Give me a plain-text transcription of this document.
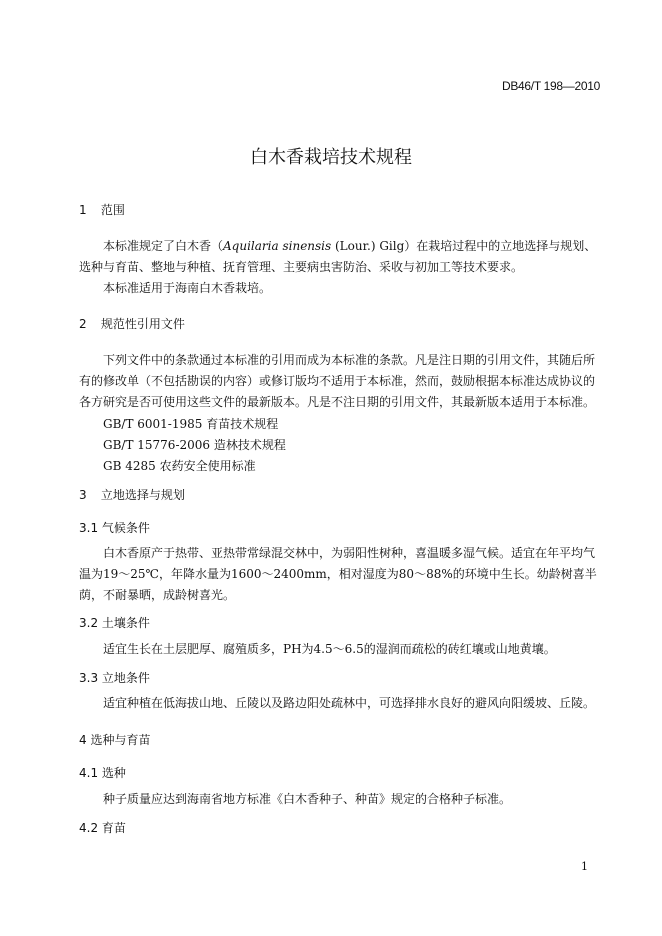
DB46/T 198—2010
白木香栽培技术规程
1 范围
本标准规定了白木香（Aquilaria sinensis (Lour.) Gilg）在栽培过程中的立地选择与规划、选种与育苗、整地与种植、抚育管理、主要病虫害防治、采收与初加工等技术要求。
本标准适用于海南白木香栽培。
2 规范性引用文件
下列文件中的条款通过本标准的引用而成为本标准的条款。凡是注日期的引用文件，其随后所有的修改单（不包括勘误的内容）或修订版均不适用于本标准，然而，鼓励根据本标准达成协议的各方研究是否可使用这些文件的最新版本。凡是不注日期的引用文件，其最新版本适用于本标准。
GB/T 6001-1985 育苗技术规程
GB/T 15776-2006 造林技术规程
GB 4285 农药安全使用标准
3 立地选择与规划
3.1 气候条件
白木香原产于热带、亚热带常绿混交林中，为弱阳性树种，喜温暖多湿气候。适宜在年平均气温为19～25℃，年降水量为1600～2400mm，相对湿度为80～88%的环境中生长。幼龄树喜半荫，不耐暴晒，成龄树喜光。
3.2 土壤条件
适宜生长在土层肥厚、腐殖质多，PH为4.5～6.5的湿润而疏松的砖红壤或山地黄壤。
3.3 立地条件
适宜种植在低海拔山地、丘陵以及路边阳处疏林中，可选择排水良好的避风向阳缓坡、丘陵。
4 选种与育苗
4.1 选种
种子质量应达到海南省地方标准《白木香种子、种苗》规定的合格种子标准。
4.2 育苗
1
